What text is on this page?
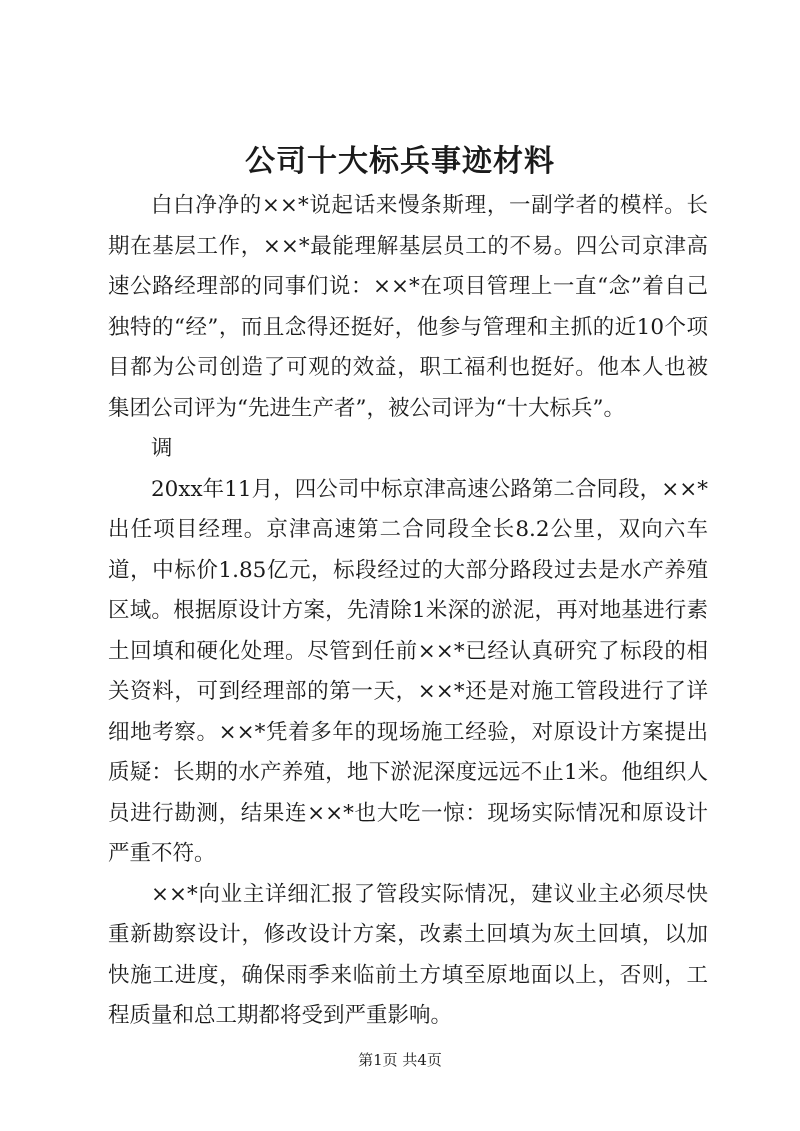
公司十大标兵事迹材料

白白净净的××*说起话来慢条斯理，一副学者的模样。长期在基层工作，××*最能理解基层员工的不易。四公司京津高速公路经理部的同事们说：××*在项目管理上一直“念”着自己独特的“经”，而且念得还挺好，他参与管理和主抓的近10个项目都为公司创造了可观的效益，职工福利也挺好。他本人也被集团公司评为“先进生产者”，被公司评为“十大标兵”。

调

20xx年11月，四公司中标京津高速公路第二合同段，××*出任项目经理。京津高速第二合同段全长8.2公里，双向六车道，中标价1.85亿元，标段经过的大部分路段过去是水产养殖区域。根据原设计方案，先清除1米深的淤泥，再对地基进行素土回填和硬化处理。尽管到任前××*已经认真研究了标段的相关资料，可到经理部的第一天，××*还是对施工管段进行了详细地考察。××*凭着多年的现场施工经验，对原设计方案提出质疑：长期的水产养殖，地下淤泥深度远远不止1米。他组织人员进行勘测，结果连××*也大吃一惊：现场实际情况和原设计严重不符。

××*向业主详细汇报了管段实际情况，建议业主必须尽快重新勘察设计，修改设计方案，改素土回填为灰土回填，以加快施工进度，确保雨季来临前土方填至原地面以上，否则，工程质量和总工期都将受到严重影响。

第1页 共4页
